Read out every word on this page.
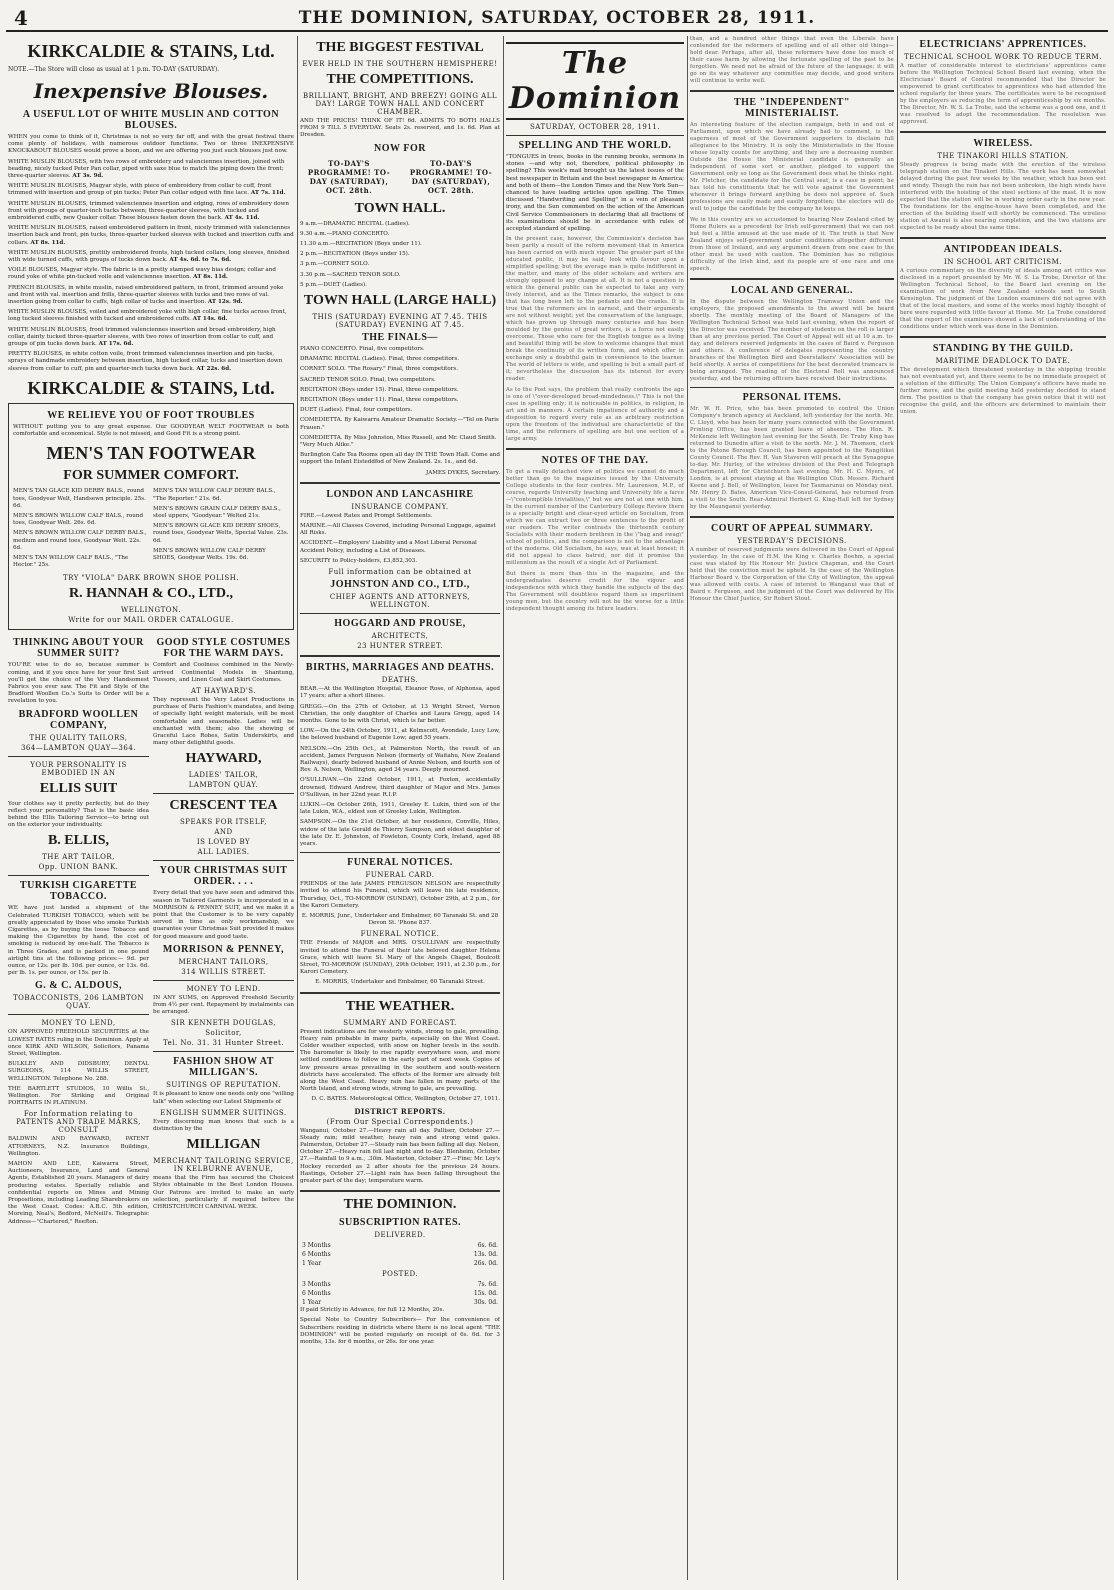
4	THE DOMINION, SATURDAY, OCTOBER 28, 1911.
KIRKCALDIE & STAINS, Ltd.
NOTE.—The Store will close as usual at 1 p.m. TO-DAY (SATURDAY).
Inexpensive Blouses.
A USEFUL LOT OF WHITE MUSLIN AND COTTON BLOUSES.

WHEN you come to think of it, Christmas is not so very far off, and with the great festival there come plenty of holidays, with numerous outdoor functions. Two or three INEXPENSIVE KNOCKABOUT BLOUSES would prove a boon, and we are offering you just such blouses just now.

WHITE MUSLIN BLOUSES, with two rows of embroidery and valenciennes insertion, joined with beading, nicely tucked Peter Pan collar, piped with saxe blue to match the piping down the front; three-quarter sleeves. AT 3s. 9d.
WHITE MUSLIN BLOUSES, Magyar style, with piece of embroidery from collar to cuff, front trimmed with insertion and group of pin tucks; Peter Pan collar edged with fine lace. AT 7s. 11d.
WHITE MUSLIN BLOUSES, trimmed valenciennes insertion and edging, rows of embroidery down front with groups of quarter-inch tucks between; three-quarter sleeves, with tucked and embroidered cuffs, new Quaker collar. These blouses fasten down the back. AT 4s. 11d.
WHITE MUSLIN BLOUSES, raised embroidered pattern in front, nicely trimmed with valenciennes insertion back and front, pin tucks, three-quarter tucked sleeves with tucked and insertion cuffs and collars. AT 8s. 11d.
WHITE MUSLIN BLOUSES, prettily embroidered fronts, high tucked collars, long sleeves, finished with wide turned cuffs, with groups of tucks down back. AT 4s. 6d. to 7s. 6d.
VOILE BLOUSES, Magyar style. The fabric is in a pretty stamped wavy bias design; collar and round yoke of white pin-tucked voile and valenciennes insertion. AT 8s. 11d.
FRENCH BLOUSES, in white muslin, raised embroidered pattern, in front, trimmed around yoke and front with val. insertion and frills, three-quarter sleeves with tucks and two rows of val. insertion going from collar to cuffs, high collar of tucks and insertion. AT 12s. 9d.
WHITE MUSLIN BLOUSES, voiled and embroidered yoke with high collar, fine tucks across front, long tucked sleeves finished with tucked and embroidered cuffs. AT 14s. 6d.
WHITE MUSLIN BLOUSES, front trimmed valenciennes insertion and broad embroidery, high collar, dainty tucked three-quarter sleeves, with two rows of insertion from collar to cuff, and groups of pin tucks down back. AT 17s. 6d.
PRETTY BLOUSES, in white cotton voile, front trimmed valenciennes insertion and pin tucks, sprays of handmade embroidery between insertion, high tucked collar, tucks and insertion down sleeves from collar to cuff, pin and quarter-inch tucks down back. AT 22s. 6d.
KIRKCALDIE & STAINS, Ltd.
WE RELIEVE YOU OF FOOT TROUBLES

WITHOUT putting you to any great expense. Our GOODYEAR WELT FOOTWEAR is both comfortable and economical. Style is not missed, and Good Fit is a strong point.

MEN'S TAN FOOTWEAR
FOR SUMMER COMFORT.
MEN'S TAN GLACE KID DERBY BALS., round toes, Goodyear Welt, Handsewn principle. 25s. 6d.
MEN'S BROWN WILLOW CALF BALS., round toes, Goodyear Welt. 26s. 6d.
MEN'S BROWN WILLOW CALF DERBY BALS., medium and round toes, Goodyear Welt. 22s. 6d.
MEN'S TAN WILLOW CALF BALS., "The Hector." 25s.
MEN'S TAN WILLOW CALF DERBY BALS., "The Reporter." 21s. 6d.
MEN'S BROWN GRAIN CALF DERBY BALS., steel uppers, "Goodyear." Welted 21s.
MEN'S BROWN GLACE KID DERBY SHOES, round toes, Goodyear Welts, Special Value. 23s. 6d.
MEN'S BROWN WILLOW CALF DERBY SHOES, Goodyear Welts. 19s. 6d.
TRY "VIOLA" DARK BROWN SHOE POLISH.
R. HANNAH & CO., LTD.,
WELLINGTON.
Write for our MAIL ORDER CATALOGUE.
THINKING ABOUT YOUR SUMMER SUIT?

YOU'RE wise to do so, because summer is coming, and if you once have for your first Suit you'll get the choice of the Very Handsomest Fabrics you ever saw. The Fit and Style of the Bradford Woollen Co.'s Suits to Order will be a revelation to you.

BRADFORD WOOLLEN COMPANY,
THE QUALITY TAILORS,
364—LAMBTON QUAY—364.
YOUR PERSONALITY IS EMBODIED IN AN
ELLIS SUIT

Your clothes say it pretty perfectly, but do they reflect your personality? That is the basic idea behind the Ellis Tailoring Service—to bring out on the exterior your individuality.

B. ELLIS,
THE ART TAILOR,
Opp. UNION BANK.
TURKISH CIGARETTE TOBACCO.

WE have just landed a shipment of the Celebrated TURKISH TOBACCO, which will be greatly appreciated by those who smoke Turkish Cigarettes, as by buying the loose Tobacco and making the Cigarettes by hand, the cost of smoking is reduced by one-half. The Tobacco is in Three Grades, and is packed in one pound airtight tins at the following prices:— 9d. per ounce, or 12s. per lb. 10d. per ounce, or 13s. 6d. per lb. 1s. per ounce, or 15s. per lb.

G. & C. ALDOUS,
TOBACCONISTS, 206 LAMBTON QUAY.
MONEY TO LEND,

ON APPROVED FREEHOLD SECURITIES at the LOWEST RATES ruling in the Dominion. Apply at once KIRK AND WILSON, Solicitors, Panama Street, Wellington.

BULKLEY AND DIDSBURY, DENTAL SURGEONS, 114 WILLIS STREET, WELLINGTON. Telephone No. 288.

THE BARTLETT STUDIOS, 10 Willis St., Wellington. For Striking and Original PORTRAITS IN PLATINUM.

For Information relating to PATENTS AND TRADE MARKS, CONSULT

BALDWIN AND RAYWARD, PATENT ATTORNEYS, N.Z. Insurance Buildings, Wellington.

MAHON AND LEE, Kaiwarra Street, Auctioneers, Insurance, Land and General Agents, Established 20 years. Managers of dairy producing estates. Specially reliable and confidential reports on Mines and Mining Propositions, including Leading Sharebrokers on the West Coast. Codes: A.B.C. 5th edition, Moreing, Neal's, Bedford, McNeill's. Telegraphic Address—"Chartered," Reefton.

GOOD STYLE COSTUMES FOR THE WARM DAYS.

Comfort and Coolness combined in the Newly-arrived Continental Models in Shantung, Tussore, and Linen Coat and Skirt Costumes.

AT HAYWARD'S.

They represent the Very Latest Productions in purchase of Paris Fashion's mandates, and being of specially light weight materials, will be most comfortable and seasonable. Ladies will be enchanted with them; also the showing of Graceful Lace Robes, Satin Underskirts, and many other delightful goods.

HAYWARD,
LADIES' TAILOR,
LAMBTON QUAY.
CRESCENT TEA
SPEAKS FOR ITSELF,
AND
IS LOVED BY
ALL LADIES.
YOUR CHRISTMAS SUIT ORDER. . . .

Every detail that you have seen and admired this season in Tailored Garments is incorporated in a MORRISON & PENNEY SUIT, and we make it a point that the Customer is to be very capably served in time as only workmanship, we guarantee your Christmas Suit provided it makes for good measure and good taste.

MORRISON & PENNEY,
MERCHANT TAILORS,
314 WILLIS STREET.
MONEY TO LEND.

IN ANY SUMS, on Approved Freehold Security from 4½ per cent. Repayment by instalments can be arranged.

SIR KENNETH DOUGLAS,
Solicitor,
Tel. No. 31. 31 Hunter Street.
FASHION SHOW AT MILLIGAN'S.
SUITINGS OF REPUTATION.

It is pleasant to know one needs only one "willing talk" when selecting our Latest Shipments of

ENGLISH SUMMER SUITINGS.

Every discerning man knows that such is a distinction by the

MILLIGAN
MERCHANT TAILORING SERVICE, IN KELBURNE AVENUE,

means that the Firm has secured the Choicest Styles obtainable in the Best London Houses. Our Patrons are invited to make an early selection, particularly if required before the CHRISTCHURCH CARNIVAL WEEK.

THE BIGGEST FESTIVAL
EVER HELD IN THE SOUTHERN HEMISPHERE!
THE COMPETITIONS.
BRILLIANT, BRIGHT, AND BREEZY! GOING ALL DAY! LARGE TOWN HALL AND CONCERT CHAMBER.

AND THE PRICES! THINK OF IT! 6d. ADMITS TO BOTH HALLS FROM 9 TILL 5 EVERYDAY. Seats 2s. reserved, and 1s. 6d. Plan at Dresden.

NOW FOR
TO-DAY'S PROGRAMME! TO-DAY (SATURDAY), OCT. 28th.
TO-DAY'S PROGRAMME! TO-DAY (SATURDAY), OCT. 28th.
TOWN HALL.
9 a.m.—DRAMATIC RECITAL (Ladies).
9.30 a.m.—PIANO CONCERTO.
11.30 a.m.—RECITATION (Boys under 11).
2 p.m.—RECITATION (Boys under 15).
3 p.m.—CORNET SOLO.
3.30 p.m.—SACRED TENOR SOLO.
5 p.m.—DUET (Ladies).
TOWN HALL (LARGE HALL)
THIS (SATURDAY) EVENING AT 7.45. THIS (SATURDAY) EVENING AT 7.45.
THE FINALS—
PIANO CONCERTO. Final, five competitors.
DRAMATIC RECITAL (Ladies). Final, three competitors.
CORNET SOLO. "The Rosary." Final, three competitors.
SACRED TENOR SOLO. Final, two competitors.
RECITATION (Boys under 15). Final, three competitors.
RECITATION (Boys under 11). Final, three competitors.
DUET (Ladies). Final, four competitors.
COMEDIETTA. By Kaiwarra Amateur Dramatic Society.—"Tel on Paris Frauen."
COMEDIETTA. By Miss Johnston, Miss Russell, and Mr. Claud Smith. "Very Much Alike."

Burlington Cafe Tea Rooms open all day IN THE Town Hall. Come and support the Infant Eisteddfod of New Zealand. 2s. 1s., and 6d.

JAMES DYKES, Secretary.
LONDON AND LANCASHIRE
INSURANCE COMPANY.
FIRE.—Lowest Rates and Prompt Settlements.
MARINE.—All Classes Covered, including Personal Luggage, against All Risks.
ACCIDENT.—Employers' Liability and a Most Liberal Personal Accident Policy, including a List of Diseases.
SECURITY to Policy-holders, £3,852,303.
Full information can be obtained at
JOHNSTON AND CO., LTD.,
CHIEF AGENTS AND ATTORNEYS, WELLINGTON.
HOGGARD AND PROUSE,
ARCHITECTS,
23 HUNTER STREET.
BIRTHS, MARRIAGES AND DEATHS.
DEATHS.

BEAR.—At the Wellington Hospital, Eleanor Rose, of Alphonsa, aged 17 years; after a short illness.

GREGG.—On the 27th of October, at 13 Wright Street, Vernon Christian, the only daughter of Charles and Laura Gregg, aged 14 months. Gone to be with Christ, which is far better.

LOW.—On the 24th October, 1911, at Kelmscott, Avondale, Lucy Low, the beloved husband of Eugenie Low; aged 55 years.

NELSON.—On 25th Oct., at Palmerston North, the result of an accident, James Ferguson Nelson (formerly of Waitahu, New Zealand Railways), dearly beloved husband of Annie Nelson, and fourth son of Rev. A. Nelson, Wellington, aged 34 years. Deeply mourned.

O'SULLIVAN.—On 22nd October, 1911, at Foxton, accidentally drowned, Edward Andrew, third daughter of Major and Mrs. James O'Sullivan, in her 22nd year. R.I.P.

LUKIN.—On October 26th, 1911, Greeley E. Lukin, third son of the late Lukin, W.A., eldest son of Greeley Lukin, Wellington.

SAMPSON.—On the 21st October, at her residence, Conville, Hiles, widow of the late Gerald de Thierry Sampson, and eldest daughter of the late Dr. E. Johnston, of Fowleton, County Cork, Ireland, aged 88 years.

FUNERAL NOTICES.
FUNERAL CARD.

FRIENDS of the late JAMES FERGUSON NELSON are respectfully invited to attend his Funeral, which will leave his late residence, Thursday, Oct., TO-MORROW (SUNDAY), October 29th, at 2 p.m., for the Karori Cemetery.

E. MORRIS, Junr., Undertaker and Embalmer, 60 Taranaki St. and 28 Devon St. 'Phone 837.
FUNERAL NOTICE.

THE Friends of MAJOR and MRS. O'SULLIVAN are respectfully invited to attend the Funeral of their late beloved daughter Helena Grace, which will leave St. Mary of the Angels Chapel, Boulcott Street, TO-MORROW (SUNDAY), 29th October, 1911, at 2.30 p.m., for Karori Cemetery.

E. MORRIS, Undertaker and Embalmer, 60 Taranaki Street.
THE WEATHER.
SUMMARY AND FORECAST.

Present indications are for westerly winds, strong to gale, prevailing. Heavy rain probable in many parts, especially on the West Coast. Colder weather expected, with snow on higher levels in the south. The barometer is likely to rise rapidly everywhere soon, and more settled conditions to follow in the early part of next week. Copies of low pressure areas prevailing in the southern and south-western districts have accelerated. The effects of the former are already felt along the West Coast. Heavy rain has fallen in many parts of the North Island, and strong winds, strong to gale, are prevailing.

D. C. BATES. Meteorological Office, Wellington, October 27, 1911.
DISTRICT REPORTS.
(From Our Special Correspondents.)

Wanganui, October 27.—Heavy rain all day. Palliser, October 27.—Steady rain; mild weather, heavy rain and strong wind gales. Palmerston, October 27.—Steady rain has been falling all day. Nelson, October 27.—Heavy rain fell last night and to-day. Blenheim, October 27.—Rainfall to 9 a.m., .30in. Masterton, October 27.—Fine; Mr. Ley's Hockey recorded as 2 after shouts for the previous 24 hours. Hastings, October 27.—Light rain has been falling throughout the greater part of the day; temperature warm.

THE DOMINION.
SUBSCRIPTION RATES.
DELIVERED.
3 Months	6s. 6d.
6 Months	13s. 0d.
1 Year	26s. 0d.
POSTED.
3 Months	7s. 6d.
6 Months	15s. 0d.
1 Year	30s. 0d.

If paid Strictly in Advance, for full 12 Months, 20s.

Special Note to Country Subscribers— For the convenience of Subscribers residing in districts where there is no local agent "THE DOMINION" will be posted regularly on receipt of 6s. 6d. for 3 months, 13s. for 6 months, or 26s. for one year.

The Dominion
SATURDAY, OCTOBER 28, 1911.
SPELLING AND THE WORLD.

"TONGUES in trees, books in the running brooks, sermons in stones —and why not, therefore, political philosophy in spelling? This week's mail brought us the latest issues of the best newspaper in Britain and the best newspaper in America; and both of them—the London Times and the New York Sun—chanced to have leading articles upon spelling. The Times discussed "Handwriting and Spelling" in a vein of pleasant irony, and the Sun commented on the action of the American Civil Service Commissioners in declaring that all fractions of its examinations should be in accordance with rules of accepted standard of spelling.

In the present case, however, the Commission's decision has been partly a result of the reform movement that in America has been carried on with much vigour. The greater part of the educated public, it may be said, look with favour upon a simplified spelling; but the average man is quite indifferent in the matter, and many of the older scholars and writers are strongly opposed to any change at all. It is not a question in which the general public can be expected to take any very lively interest, and as the Times remarks, the subject is one that has long been left to the pedants and the cranks. It is true that the reformers are in earnest, and their arguments are not without weight; yet the conservatism of the language, which has grown up through many centuries and has been moulded by the genius of great writers, is a force not easily overcome. Those who care for the English tongue as a living and beautiful thing will be slow to welcome changes that must break the continuity of its written form, and which offer in exchange only a doubtful gain in convenience to the learner. The world of letters is wide, and spelling is but a small part of it; nevertheless the discussion has its interest for every reader.
As to the Post says, the problem that really confronts the ago is one of \"over-developed broad-mindedness.\" This is not the case in spelling only; it is noticeable in politics, in religion, in art and in manners. A certain impatience of authority and a disposition to regard every rule as an arbitrary restriction upon the freedom of the individual are characteristic of the time, and the reformers of spelling are but one section of a large army.
NOTES OF THE DAY.
To get a really detached view of politics we cannot do much better than go to the magazines issued by the University College students in the four centres. Mr. Laurenson, M.P., of course, regards University teaching and University life a farce—\"contemptible trivialities,\" but we are not at one with him. In the current number of the Canterbury College Review there is a specially bright and clear-eyed article on Socialism, from which we can extract two or three sentences to the profit of our readers. The writer contrasts the thirteenth century Socialists with their modern brethren in the \"bag and swag\" school of politics, and the comparison is not to the advantage of the moderns. Old Socialism, he says, was at least honest; it did not appeal to class hatred, nor did it promise the millennium as the result of a single Act of Parliament.
But there is more than this in the magazine, and the undergraduates deserve credit for the vigour and independence with which they handle the subjects of the day. The Government will doubtless regard them as impertinent young men, but the country will not be the worse for a little independent thought among its future leaders.
than, and a hundred other things that even the Liberals have contended for the reformers of spelling and of all other old things—hold dear. Perhaps, after all, these reformers have done too much of their cause harm by allowing the fortunate spelling of the past to be forgotten. We need not be afraid of the future of the language; it will go on its way whatever any committee may decide, and good writers will continue to write well.
THE "INDEPENDENT" MINISTERIALIST.
An interesting feature of the election campaign, both in and out of Parliament, upon which we have already had to comment, is the eagerness of most of the Government supporters to disclaim full allegiance to the Ministry. It is only the Ministerialists in the House whose loyalty counts for anything, and they are a decreasing number. Outside the House the Ministerial candidate is generally an Independent of some sort or another, pledged to support the Government only so long as the Government does what he thinks right. Mr. Fletcher, the candidate for the Central seat, is a case in point; he has told his constituents that he will vote against the Government whenever it brings forward anything he does not approve of. Such professions are easily made and easily forgotten; the electors will do well to judge the candidate by the company he keeps.
We in this country are so accustomed to hearing New Zealand cited by Home Rulers as a precedent for Irish self-government that we can not but feel a little amused at the use made of it. The truth is that New Zealand enjoys self-government under conditions altogether different from those of Ireland, and any argument drawn from one case to the other must be used with caution. The Dominion has no religious difficulty of the Irish kind, and its people are of one race and one speech.
LOCAL AND GENERAL.
In the dispute between the Wellington Tramway Union and the employers, the proposed amendments to the award will be heard shortly. The monthly meeting of the Board of Managers of the Wellington Technical School was held last evening, when the report of the Director was received. The number of students on the roll is larger than at any previous period. The Court of Appeal will sit at 10 a.m. to-day, and delivers reserved judgments in the cases of Baird v. Ferguson and others. A conference of delegates representing the country branches of the Wellington Bird and Deerstalkers' Association will be held shortly. A series of competitions for the best decorated tramcars is being arranged. The reading of the Electoral Roll was announced yesterday, and the returning officers have received their instructions.
PERSONAL ITEMS.
Mr. W. H. Price, who has been promoted to control the Union Company's branch agency at Auckland, left yesterday for the north. Mr. C. Lloyd, who has been for many years connected with the Government Printing Office, has been granted leave of absence. The Hon. R. McKenzie left Wellington last evening for the South. Dr. Truby King has returned to Dunedin after a visit to the north. Mr. J. M. Thomson, clerk to the Petone Borough Council, has been appointed to the Rangitikei County Council. The Rev. H. Van Staveren will preach at the Synagogue to-day. Mr. Hurley, of the wireless division of the Post and Telegraph Department, left for Christchurch last evening. Mr. H. C. Myers, of London, is at present staying at the Wellington Club. Messrs. Richard Keene and J. Bell, of Wellington, leave for Taumarunui on Monday next. Mr. Henry D. Bates, American Vice-Consul-General, has returned from a visit to the South. Rear-Admiral Herbert G. King-Hall left for Sydney by the Maunganui yesterday.
COURT OF APPEAL SUMMARY.
YESTERDAY'S DECISIONS.
A number of reserved judgments were delivered in the Court of Appeal yesterday. In the case of H.M. the King v. Charles Boehm, a special case was stated by His Honour Mr. Justice Chapman, and the Court held that the conviction must be upheld. In the case of the Wellington Harbour Board v. the Corporation of the City of Wellington, the appeal was allowed with costs. A case of interest to Wanganui was that of Baird v. Ferguson, and the judgment of the Court was delivered by His Honour the Chief Justice, Sir Robert Stout.
ELECTRICIANS' APPRENTICES.
TECHNICAL SCHOOL WORK TO REDUCE TERM.
A matter of considerable interest to electricians' apprentices came before the Wellington Technical School Board last evening, when the Electricians' Board of Control recommended that the Director be empowered to grant certificates to apprentices who had attended the school regularly for three years. The certificates were to be recognised by the employers as reducing the term of apprenticeship by six months. The Director, Mr. W. S. La Trobe, said the scheme was a good one, and it was resolved to adopt the recommendation. The resolution was approved.
WIRELESS.
THE TINAKORI HILLS STATION.
Steady progress is being made with the erection of the wireless telegraph station on the Tinakori Hills. The work has been somewhat delayed during the past few weeks by the weather, which has been wet and windy. Though the rain has not been unbroken, the high winds have interfered with the hoisting of the steel sections of the mast. It is now expected that the station will be in working order early in the new year. The foundations for the engine-house have been completed, and the erection of the building itself will shortly be commenced. The wireless station at Awanui is also nearing completion, and the two stations are expected to be ready about the same time.
ANTIPODEAN IDEALS.
IN SCHOOL ART CRITICISM.
A curious commentary on the diversity of ideals among art critics was disclosed in a report presented by Mr. W. S. La Trobe, Director of the Wellington Technical School, to the Board last evening on the examination of work from New Zealand schools sent to South Kensington. The judgment of the London examiners did not agree with that of the local masters, and some of the works most highly thought of here were regarded with little favour at Home. Mr. La Trobe considered that the report of the examiners showed a lack of understanding of the conditions under which work was done in the Dominion.
STANDING BY THE GUILD.
MARITIME DEADLOCK TO DATE.
The development which threatened yesterday in the shipping trouble has not eventuated yet, and there seems to be no immediate prospect of a solution of the difficulty. The Union Company's officers have made no further move, and the guild meeting held yesterday decided to stand firm. The position is that the company has given notice that it will not recognise the guild, and the officers are determined to maintain their union.
